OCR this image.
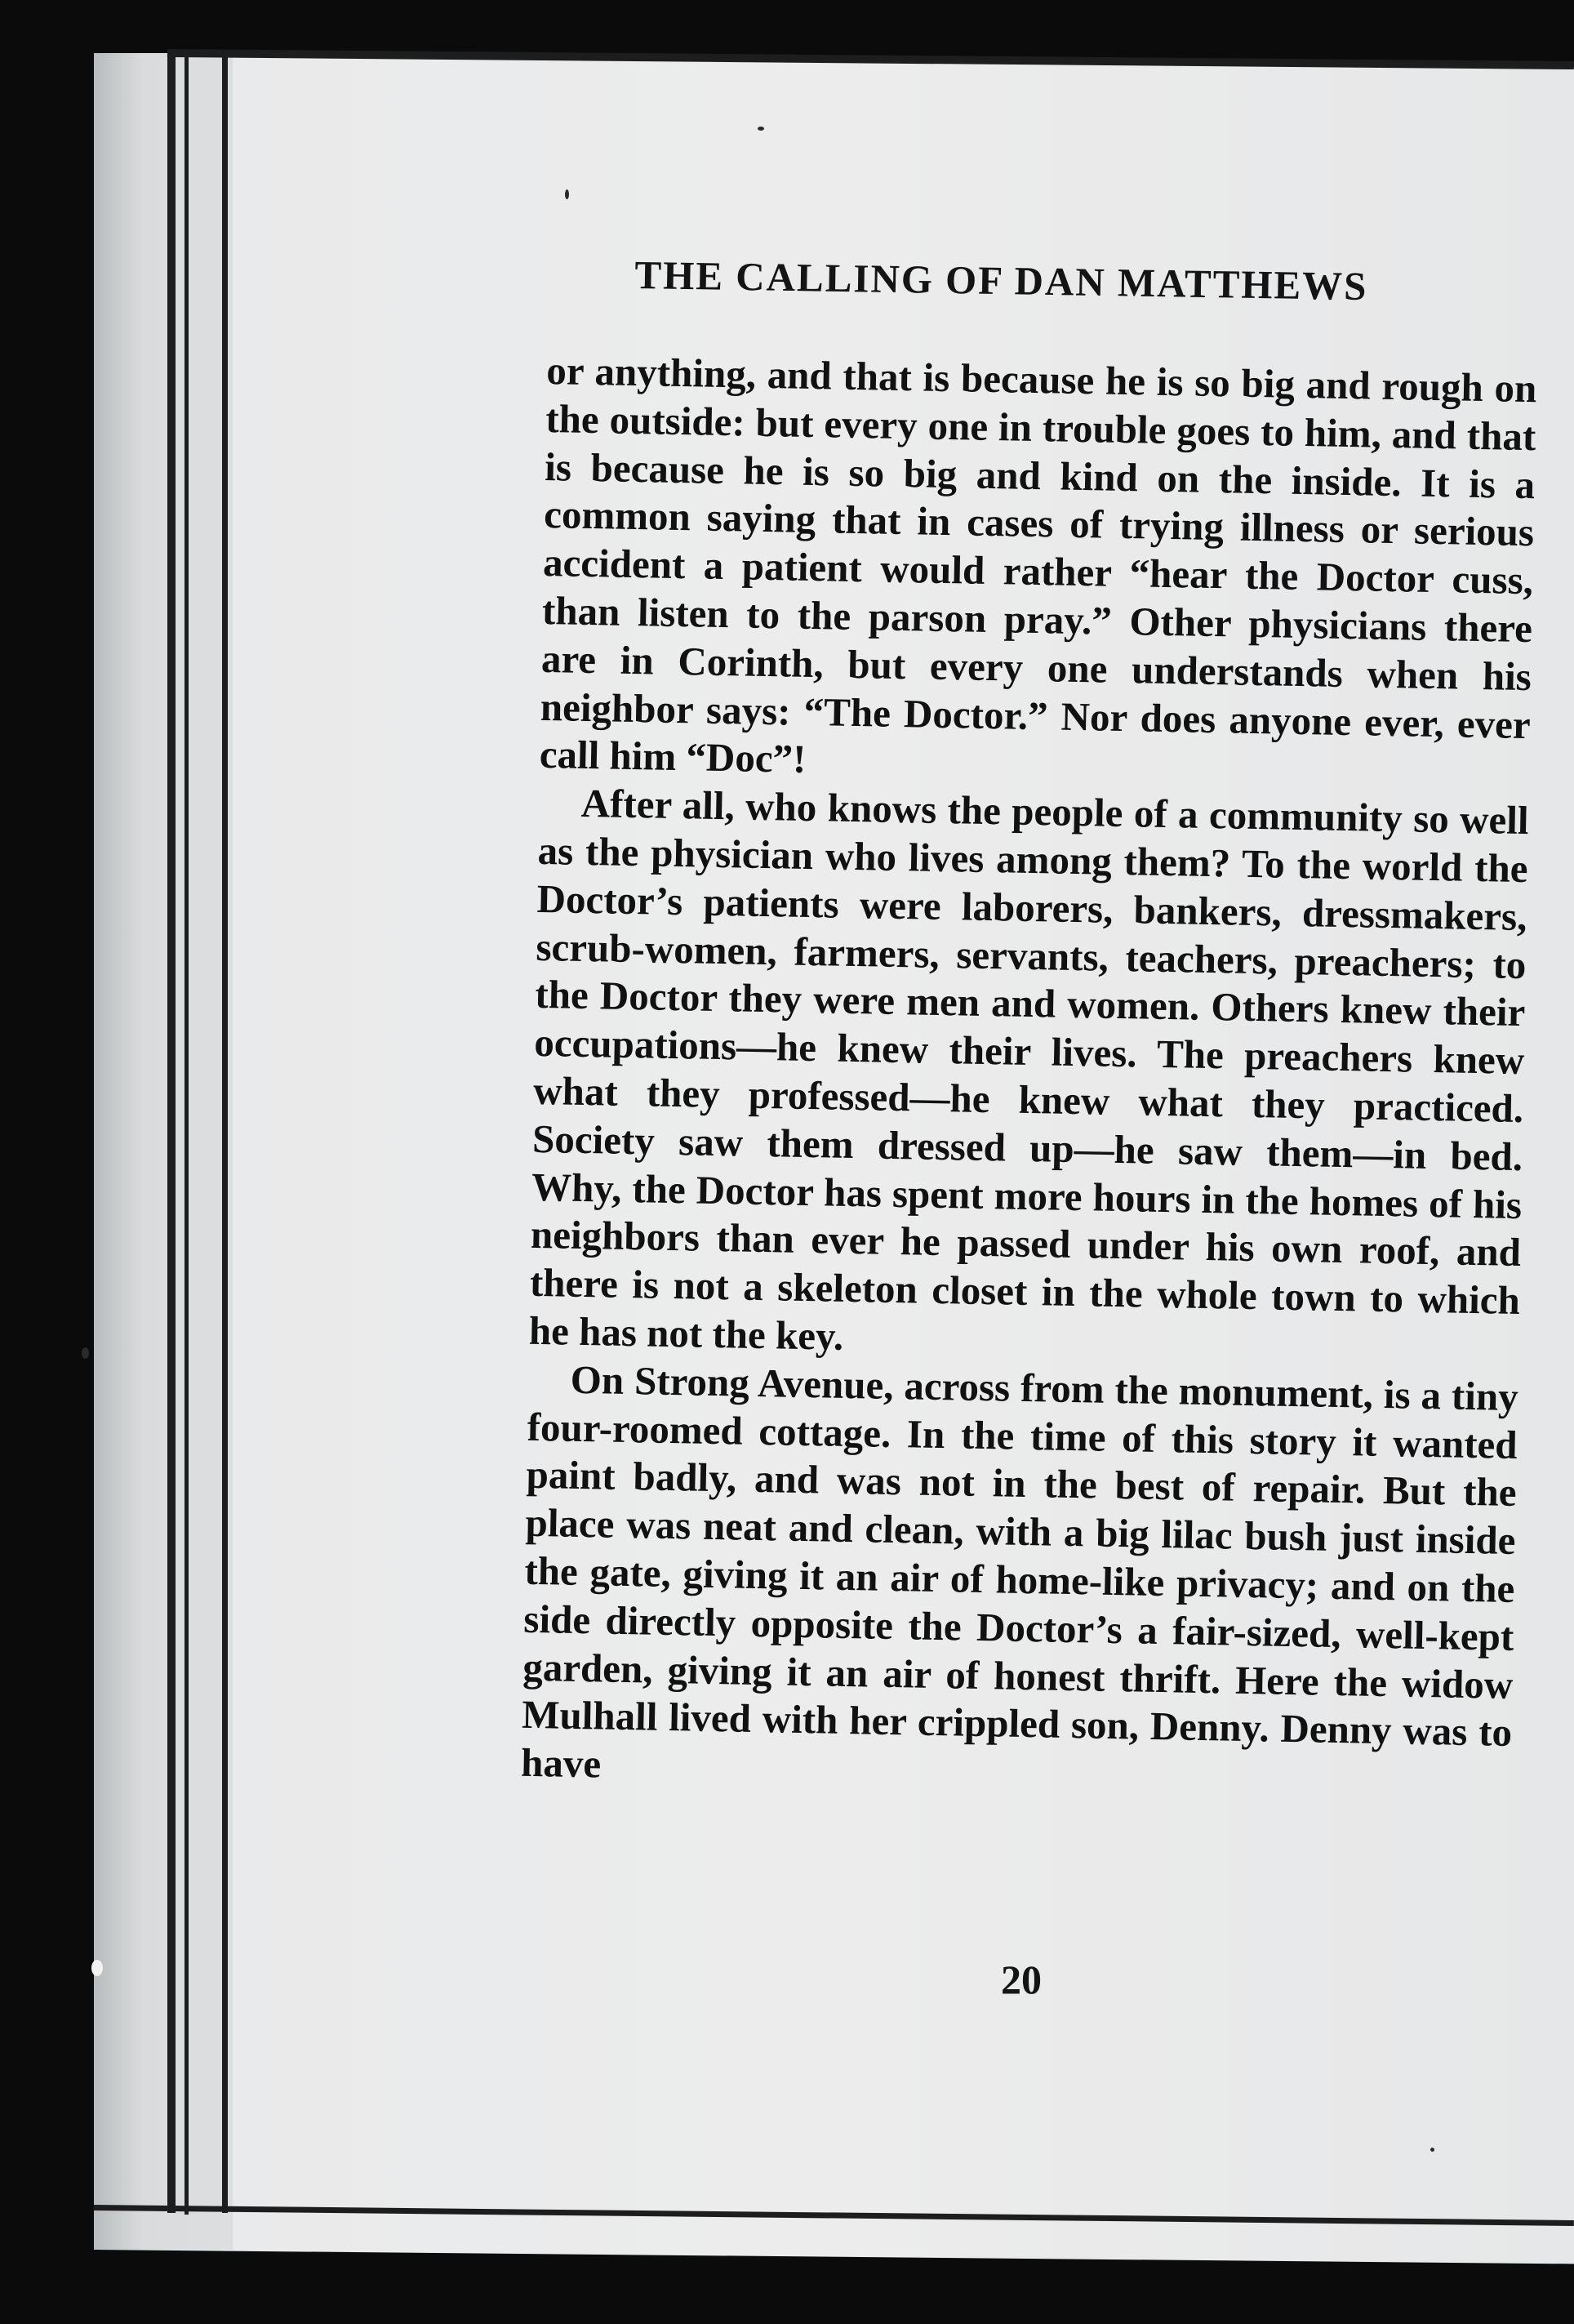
THE CALLING OF DAN MATTHEWS

or anything, and that is because he is so big and rough on the outside: but every one in trouble goes to him, and that is because he is so big and kind on the inside. It is a common saying that in cases of trying illness or serious accident a patient would rather “hear the Doctor cuss, than listen to the parson pray.” Other physicians there are in Corinth, but every one understands when his neighbor says: “The Doctor.” Nor does anyone ever, ever call him “Doc”!

After all, who knows the people of a community so well as the physician who lives among them? To the world the Doctor’s patients were laborers, bankers, dressmakers, scrub-women, farmers, servants, teachers, preachers; to the Doctor they were men and women. Others knew their occupations—he knew their lives. The preachers knew what they professed—he knew what they practiced. Society saw them dressed up—he saw them—in bed. Why, the Doctor has spent more hours in the homes of his neighbors than ever he passed under his own roof, and there is not a skeleton closet in the whole town to which he has not the key.

On Strong Avenue, across from the monument, is a tiny four-roomed cottage. In the time of this story it wanted paint badly, and was not in the best of repair. But the place was neat and clean, with a big lilac bush just inside the gate, giving it an air of home-like privacy; and on the side directly opposite the Doctor’s a fair-sized, well-kept garden, giving it an air of honest thrift. Here the widow Mulhall lived with her crippled son, Denny. Denny was to have

20
